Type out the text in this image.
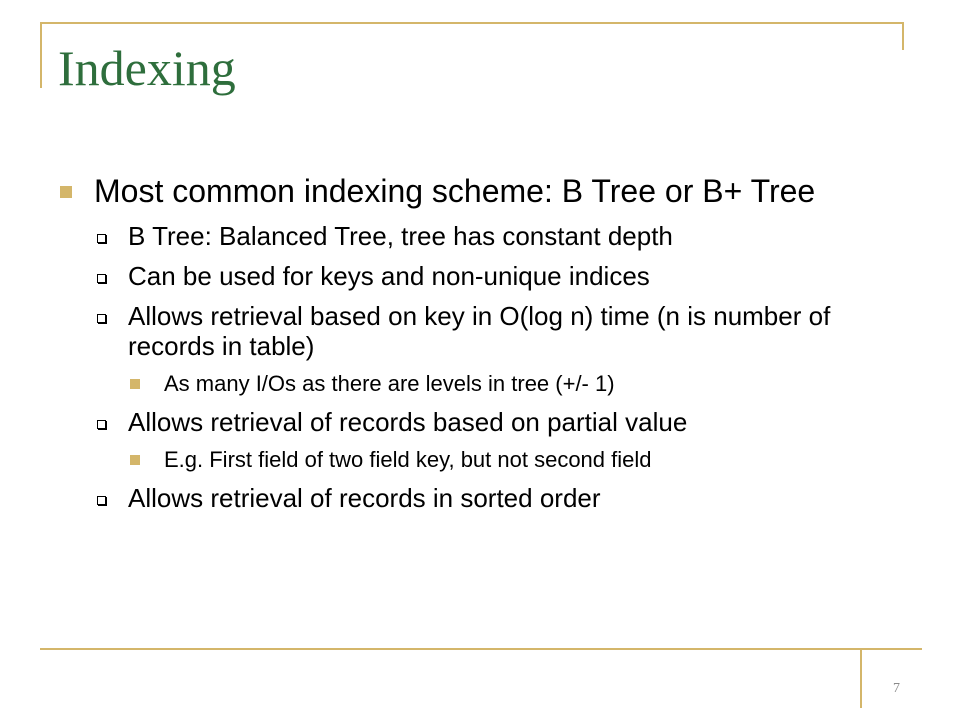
Indexing
Most common indexing scheme: B Tree or B+ Tree
B Tree: Balanced Tree, tree has constant depth
Can be used for keys and non-unique indices
Allows retrieval based on key in O(log n) time (n is number of records in table)
As many I/Os as there are levels in tree (+/- 1)
Allows retrieval of records based on partial value
E.g. First field of two field key, but not second field
Allows retrieval of records in sorted order
7
